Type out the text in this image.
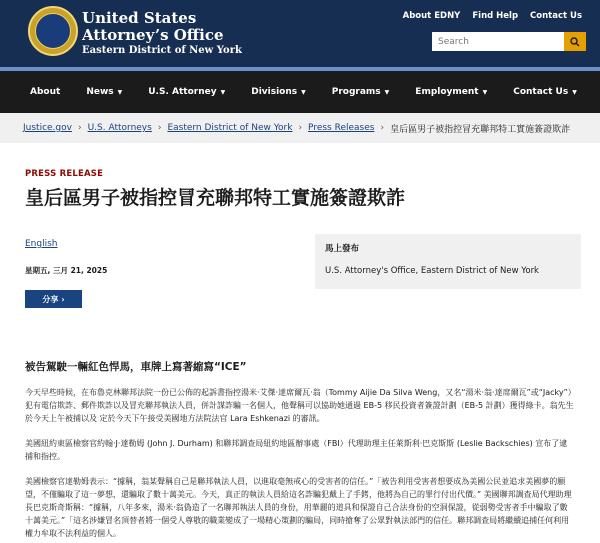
United States
Attorney’s Office
Eastern District of New York
About EDNY Find Help Contact Us
Search
About	News ▼	U.S. Attorney ▼	Divisions ▼	Programs ▼	Employment ▼	Contact Us ▼
Justice.gov › U.S. Attorneys › Eastern District of New York › Press Releases › 皇后區男子被指控冒充聯邦特工實施簽證欺詐
PRESS RELEASE
皇后區男子被指控冒充聯邦特工實施簽證欺詐
English
星期五, 三月 21, 2025
分享 ›
馬上發布
U.S. Attorney's Office, Eastern District of New York
被告駕駛一輛紅色悍馬，車牌上寫著縮寫“ICE”
今天早些時候，在布魯克林聯邦法院一份已公佈的起訴書指控湯米·艾傑·達席爾瓦·翁（Tommy Aijie Da Silva Weng，又名“湯米·翁·達席爾瓦”或“Jacky”）犯有電信欺詐、郵件欺詐以及冒充聯邦執法人員，併計謀詐騙一名個人，他聲稱可以協助她通過 EB-5 移民投資者簽證計劃（EB-5 計劃）獲得綠卡。翁先生 於今天上午被捕以及 定於今天下午接受美國地方法院法官 Lara Eshkenazi 的審訊。
美國紐約東區檢察官約翰·J·達勒姆 (John J. Durham) 和聯邦調查局紐約地區辦事處（FBI）代理助理主任萊斯利·巴克斯斯 (Leslie Backschies) 宣布了逮捕和指控。
美國檢察官達勒姆表示：“據稱，翁某聲稱自己是聯邦執法人員，以進取毫無戒心的受害者的信任。”「被告利用受害者想要成為美國公民並追求美國夢的願望，不僅騙取了這一夢想，還騙取了數十萬美元。今天，真正的執法人員給這名詐騙犯戴上了手銬，他將為自己的罪行付出代價。” 美國聯邦調查局代理助理長巴克斯奇斯稱：“據稱，八年多來，湯米·翁偽造了一名聯邦執法人員的身份，用華麗的道具和保證自己合法身份的空洞保證，從弱勢受害者手中騙取了數十萬美元。”「這名涉嫌冒名頂替者將一個受人尊敬的職業變成了一場精心策劃的騙局，同時搶奪了公眾對執法部門的信任。聯邦調查局將繼續追捕任何利用權力牟取不法利益的個人。
